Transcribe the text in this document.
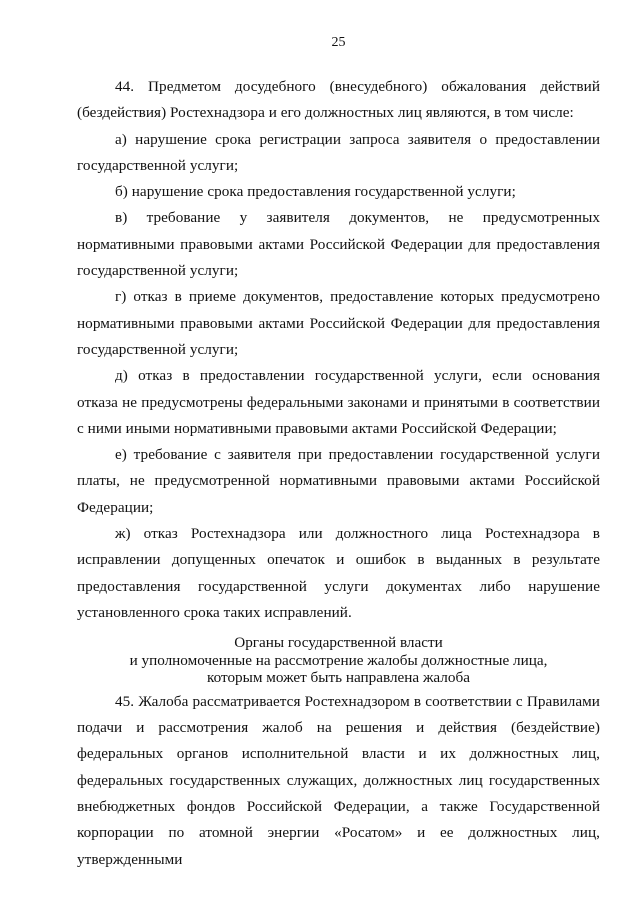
25

44. Предметом досудебного (внесудебного) обжалования действий (бездействия) Ростехнадзора и его должностных лиц являются, в том числе:

а) нарушение срока регистрации запроса заявителя о предоставлении государственной услуги;

б) нарушение срока предоставления государственной услуги;

в) требование у заявителя документов, не предусмотренных нормативными правовыми актами Российской Федерации для предоставления государственной услуги;

г) отказ в приеме документов, предоставление которых предусмотрено нормативными правовыми актами Российской Федерации для предоставления государственной услуги;

д) отказ в предоставлении государственной услуги, если основания отказа не предусмотрены федеральными законами и принятыми в соответствии с ними иными нормативными правовыми актами Российской Федерации;

е) требование с заявителя при предоставлении государственной услуги платы, не предусмотренной нормативными правовыми актами Российской Федерации;

ж) отказ Ростехнадзора или должностного лица Ростехнадзора в исправлении допущенных опечаток и ошибок в выданных в результате предоставления государственной услуги документах либо нарушение установленного срока таких исправлений.

Органы государственной власти
и уполномоченные на рассмотрение жалобы должностные лица,
которым может быть направлена жалоба

45. Жалоба рассматривается Ростехнадзором в соответствии с Правилами подачи и рассмотрения жалоб на решения и действия (бездействие) федеральных органов исполнительной власти и их должностных лиц, федеральных государственных служащих, должностных лиц государственных внебюджетных фондов Российской Федерации, а также Государственной корпорации по атомной энергии «Росатом» и ее должностных лиц, утвержденными
